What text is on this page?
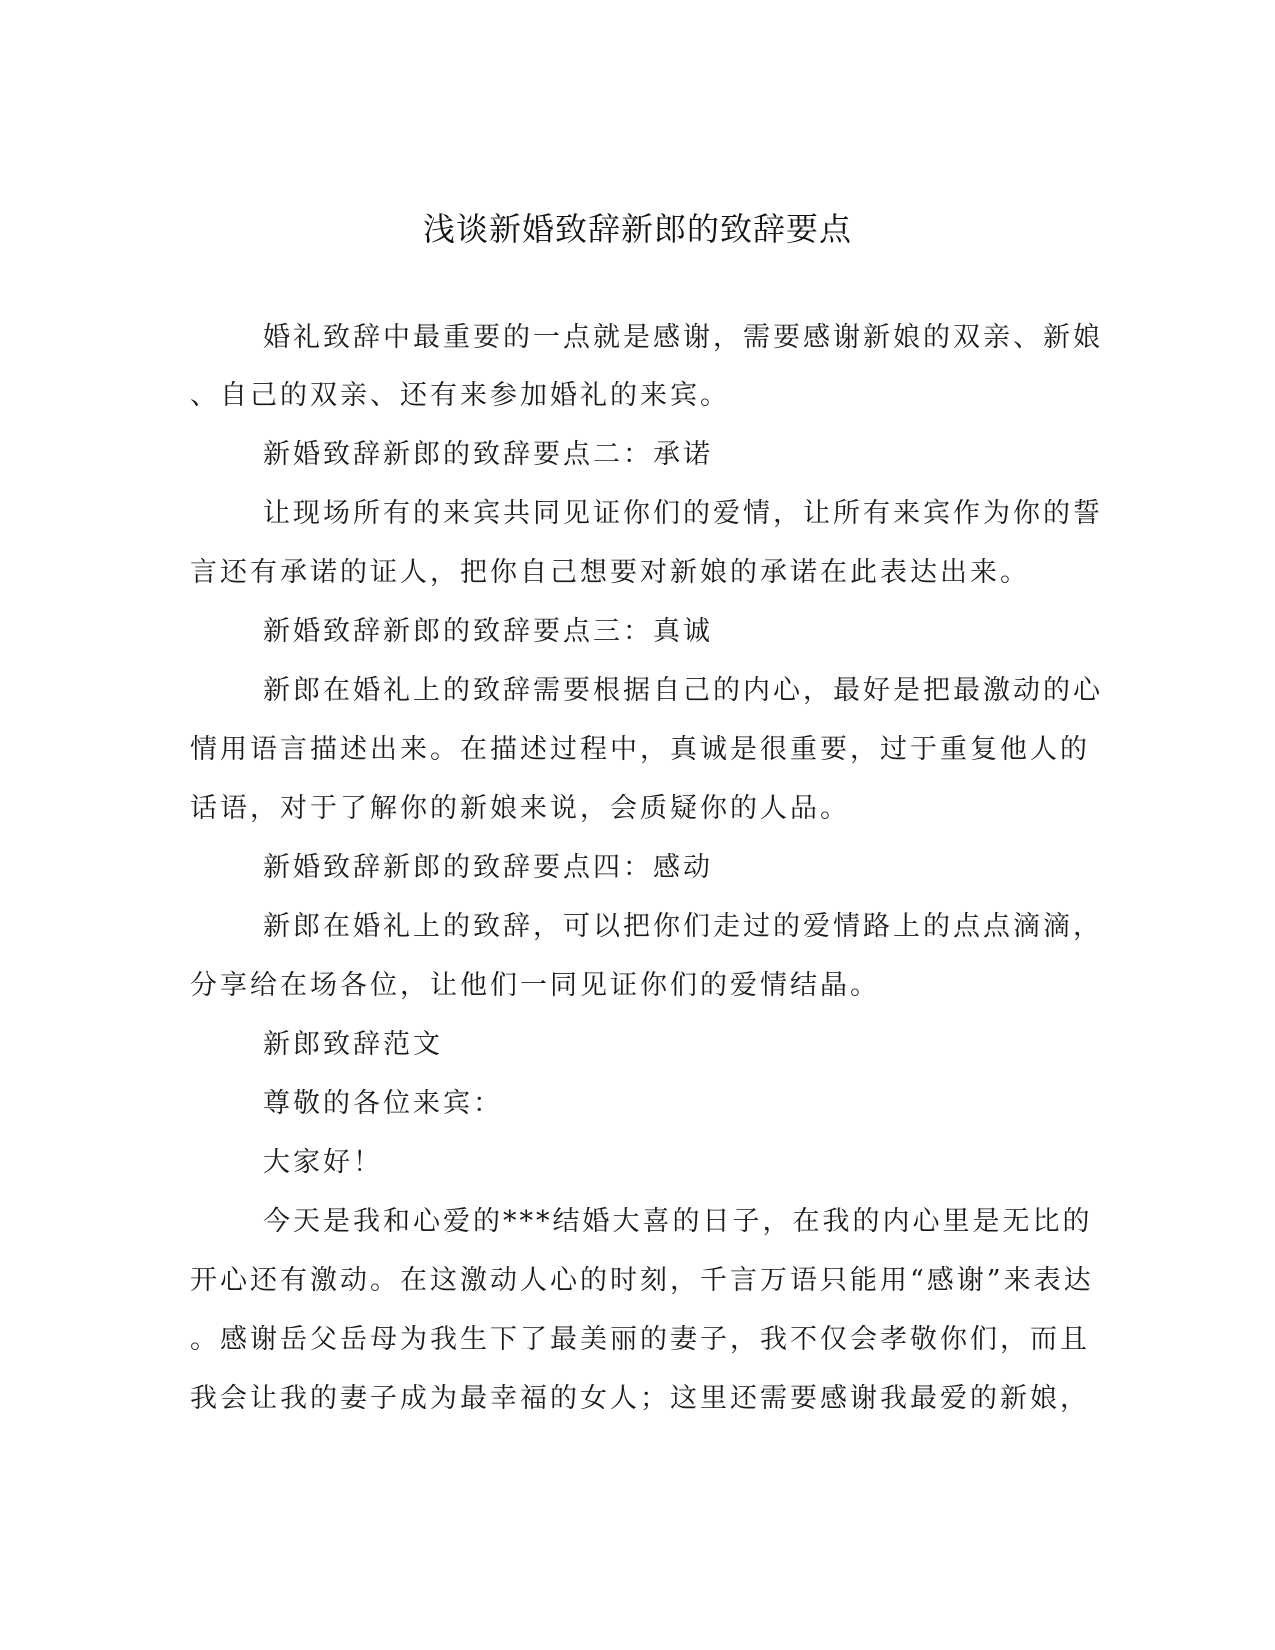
浅谈新婚致辞新郎的致辞要点
婚礼致辞中最重要的一点就是感谢，需要感谢新娘的双亲、新娘
、自己的双亲、还有来参加婚礼的来宾。
新婚致辞新郎的致辞要点二：承诺
让现场所有的来宾共同见证你们的爱情，让所有来宾作为你的誓
言还有承诺的证人，把你自己想要对新娘的承诺在此表达出来。
新婚致辞新郎的致辞要点三：真诚
新郎在婚礼上的致辞需要根据自己的内心，最好是把最激动的心
情用语言描述出来。在描述过程中，真诚是很重要，过于重复他人的
话语，对于了解你的新娘来说，会质疑你的人品。
新婚致辞新郎的致辞要点四：感动
新郎在婚礼上的致辞，可以把你们走过的爱情路上的点点滴滴，
分享给在场各位，让他们一同见证你们的爱情结晶。
新郎致辞范文
尊敬的各位来宾：
大家好！
今天是我和心爱的***结婚大喜的日子，在我的内心里是无比的
开心还有激动。在这激动人心的时刻，千言万语只能用“感谢”来表达
。感谢岳父岳母为我生下了最美丽的妻子，我不仅会孝敬你们，而且
我会让我的妻子成为最幸福的女人；这里还需要感谢我最爱的新娘，
